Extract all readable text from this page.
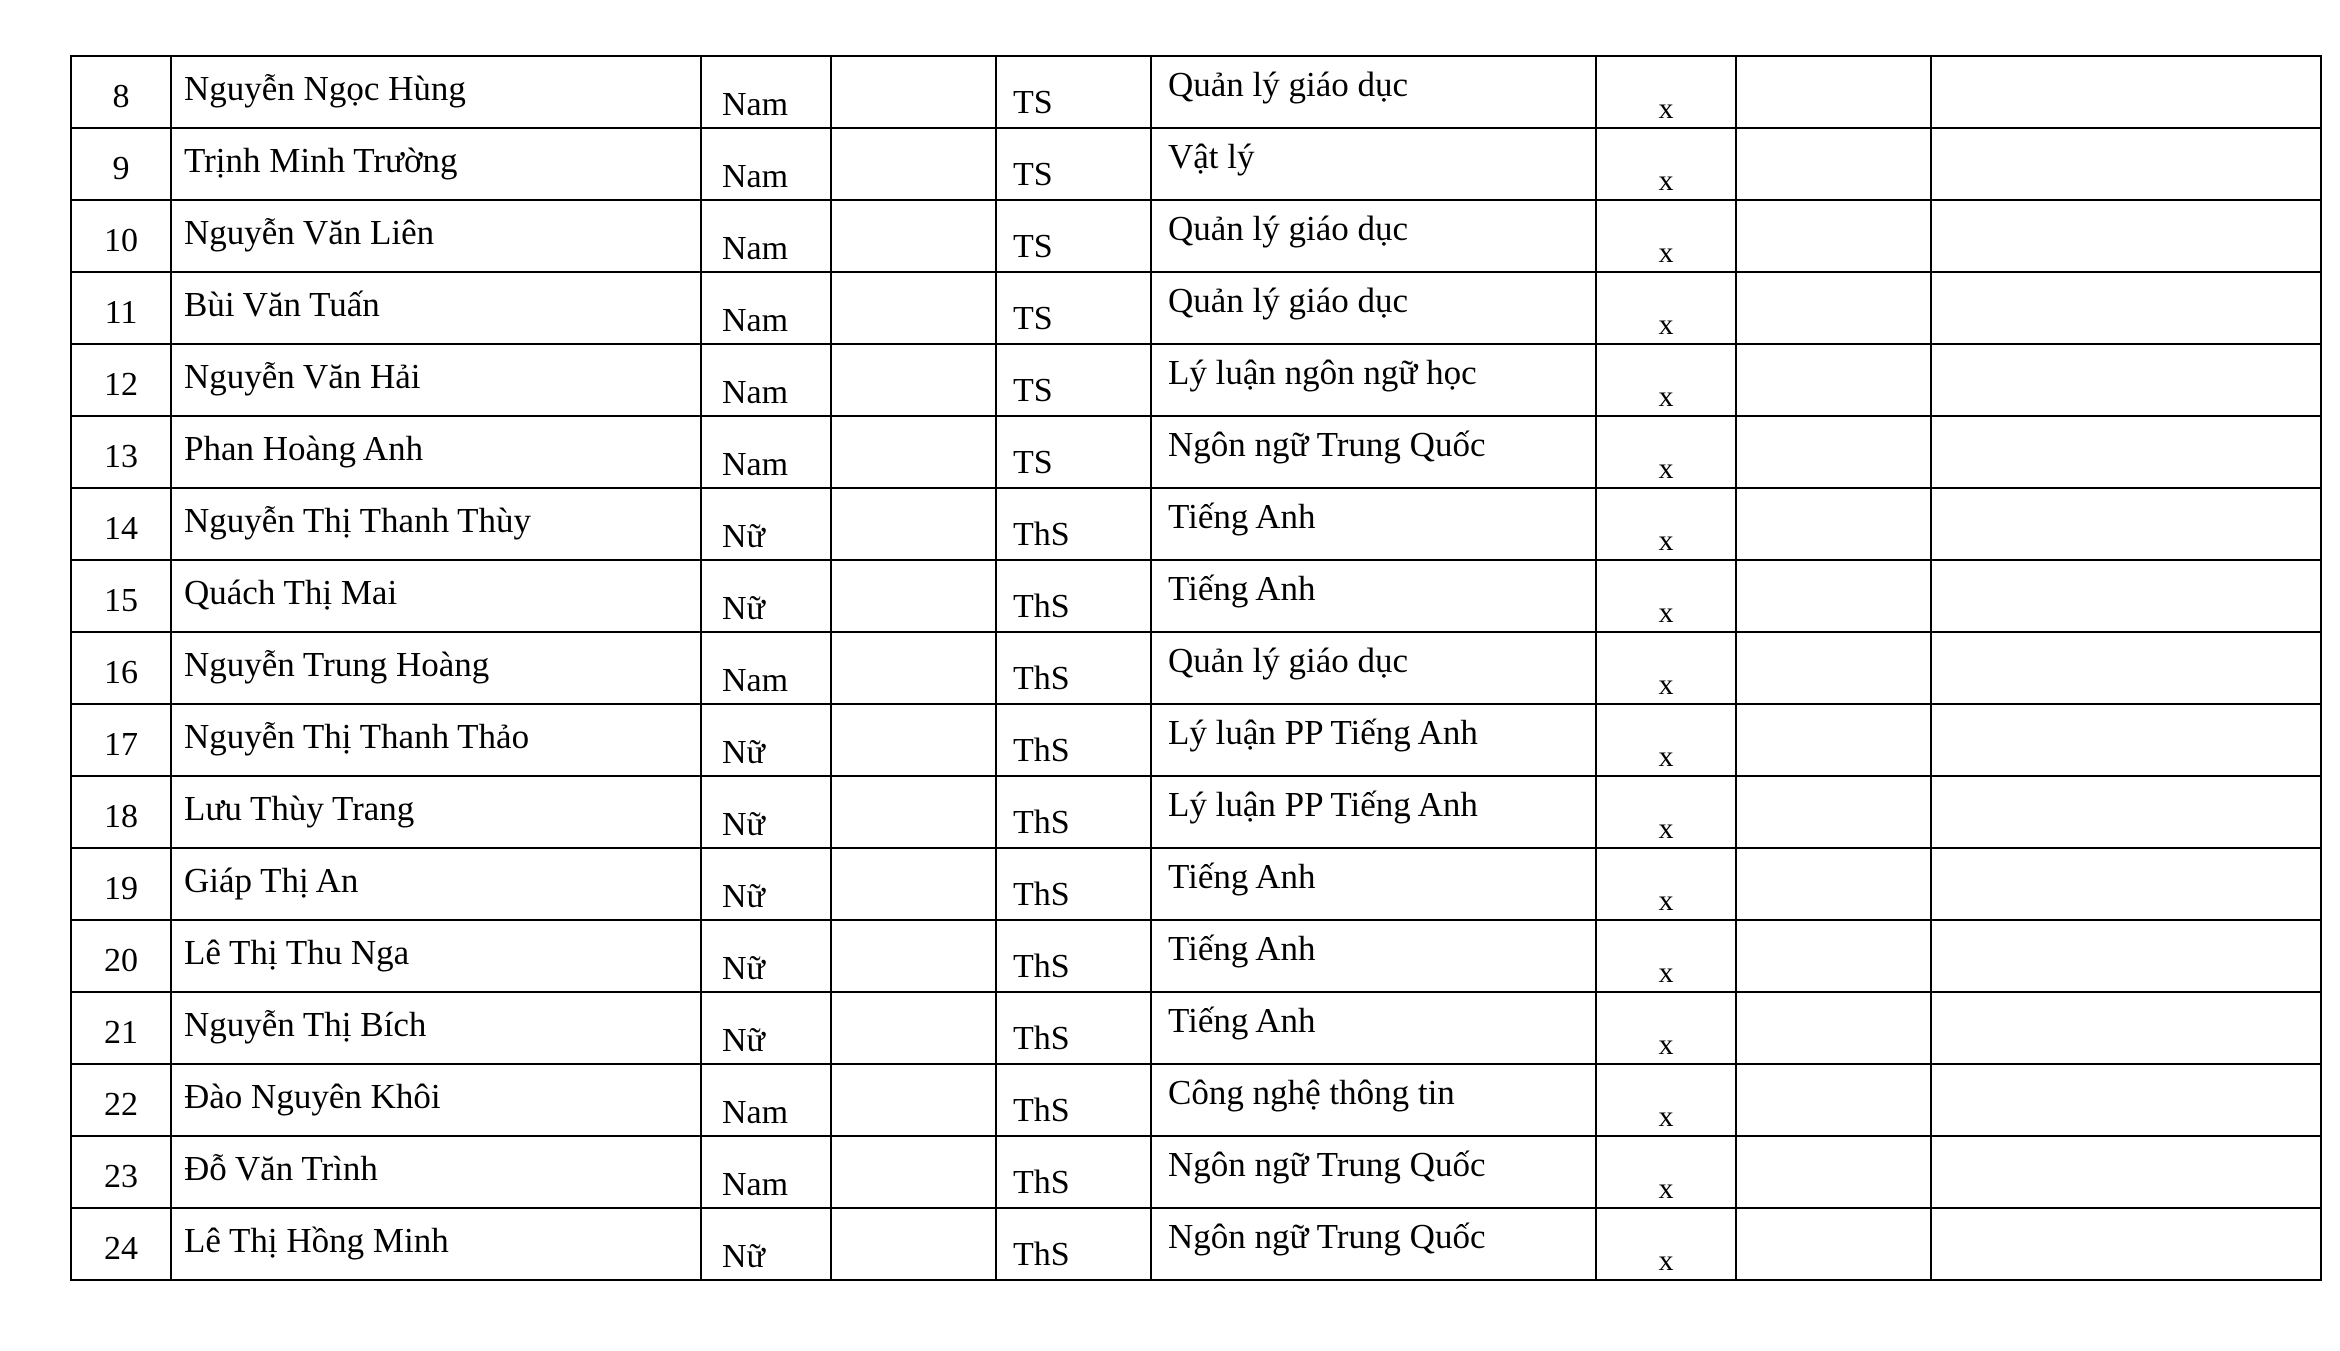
8	Nguyễn Ngọc Hùng	Nam		TS	Quản lý giáo dục	x		

9	Trịnh Minh Trường	Nam		TS	Vật lý	x		

10	Nguyễn Văn Liên	Nam		TS	Quản lý giáo dục	x		

11	Bùi Văn Tuấn	Nam		TS	Quản lý giáo dục	x		

12	Nguyễn Văn Hải	Nam		TS	Lý luận ngôn ngữ học	x		

13	Phan Hoàng Anh	Nam		TS	Ngôn ngữ Trung Quốc	x		

14	Nguyễn Thị Thanh Thùy	Nữ		ThS	Tiếng Anh	x		

15	Quách Thị Mai	Nữ		ThS	Tiếng Anh	x		

16	Nguyễn Trung Hoàng	Nam		ThS	Quản lý giáo dục	x		

17	Nguyễn Thị Thanh Thảo	Nữ		ThS	Lý luận PP Tiếng Anh	x		

18	Lưu Thùy Trang	Nữ		ThS	Lý luận PP Tiếng Anh	x		

19	Giáp Thị An	Nữ		ThS	Tiếng Anh	x		

20	Lê Thị Thu Nga	Nữ		ThS	Tiếng Anh	x		

21	Nguyễn Thị Bích	Nữ		ThS	Tiếng Anh	x		

22	Đào Nguyên Khôi	Nam		ThS	Công nghệ thông tin	x		

23	Đỗ Văn Trình	Nam		ThS	Ngôn ngữ Trung Quốc	x		

24	Lê Thị Hồng Minh	Nữ		ThS	Ngôn ngữ Trung Quốc	x		
